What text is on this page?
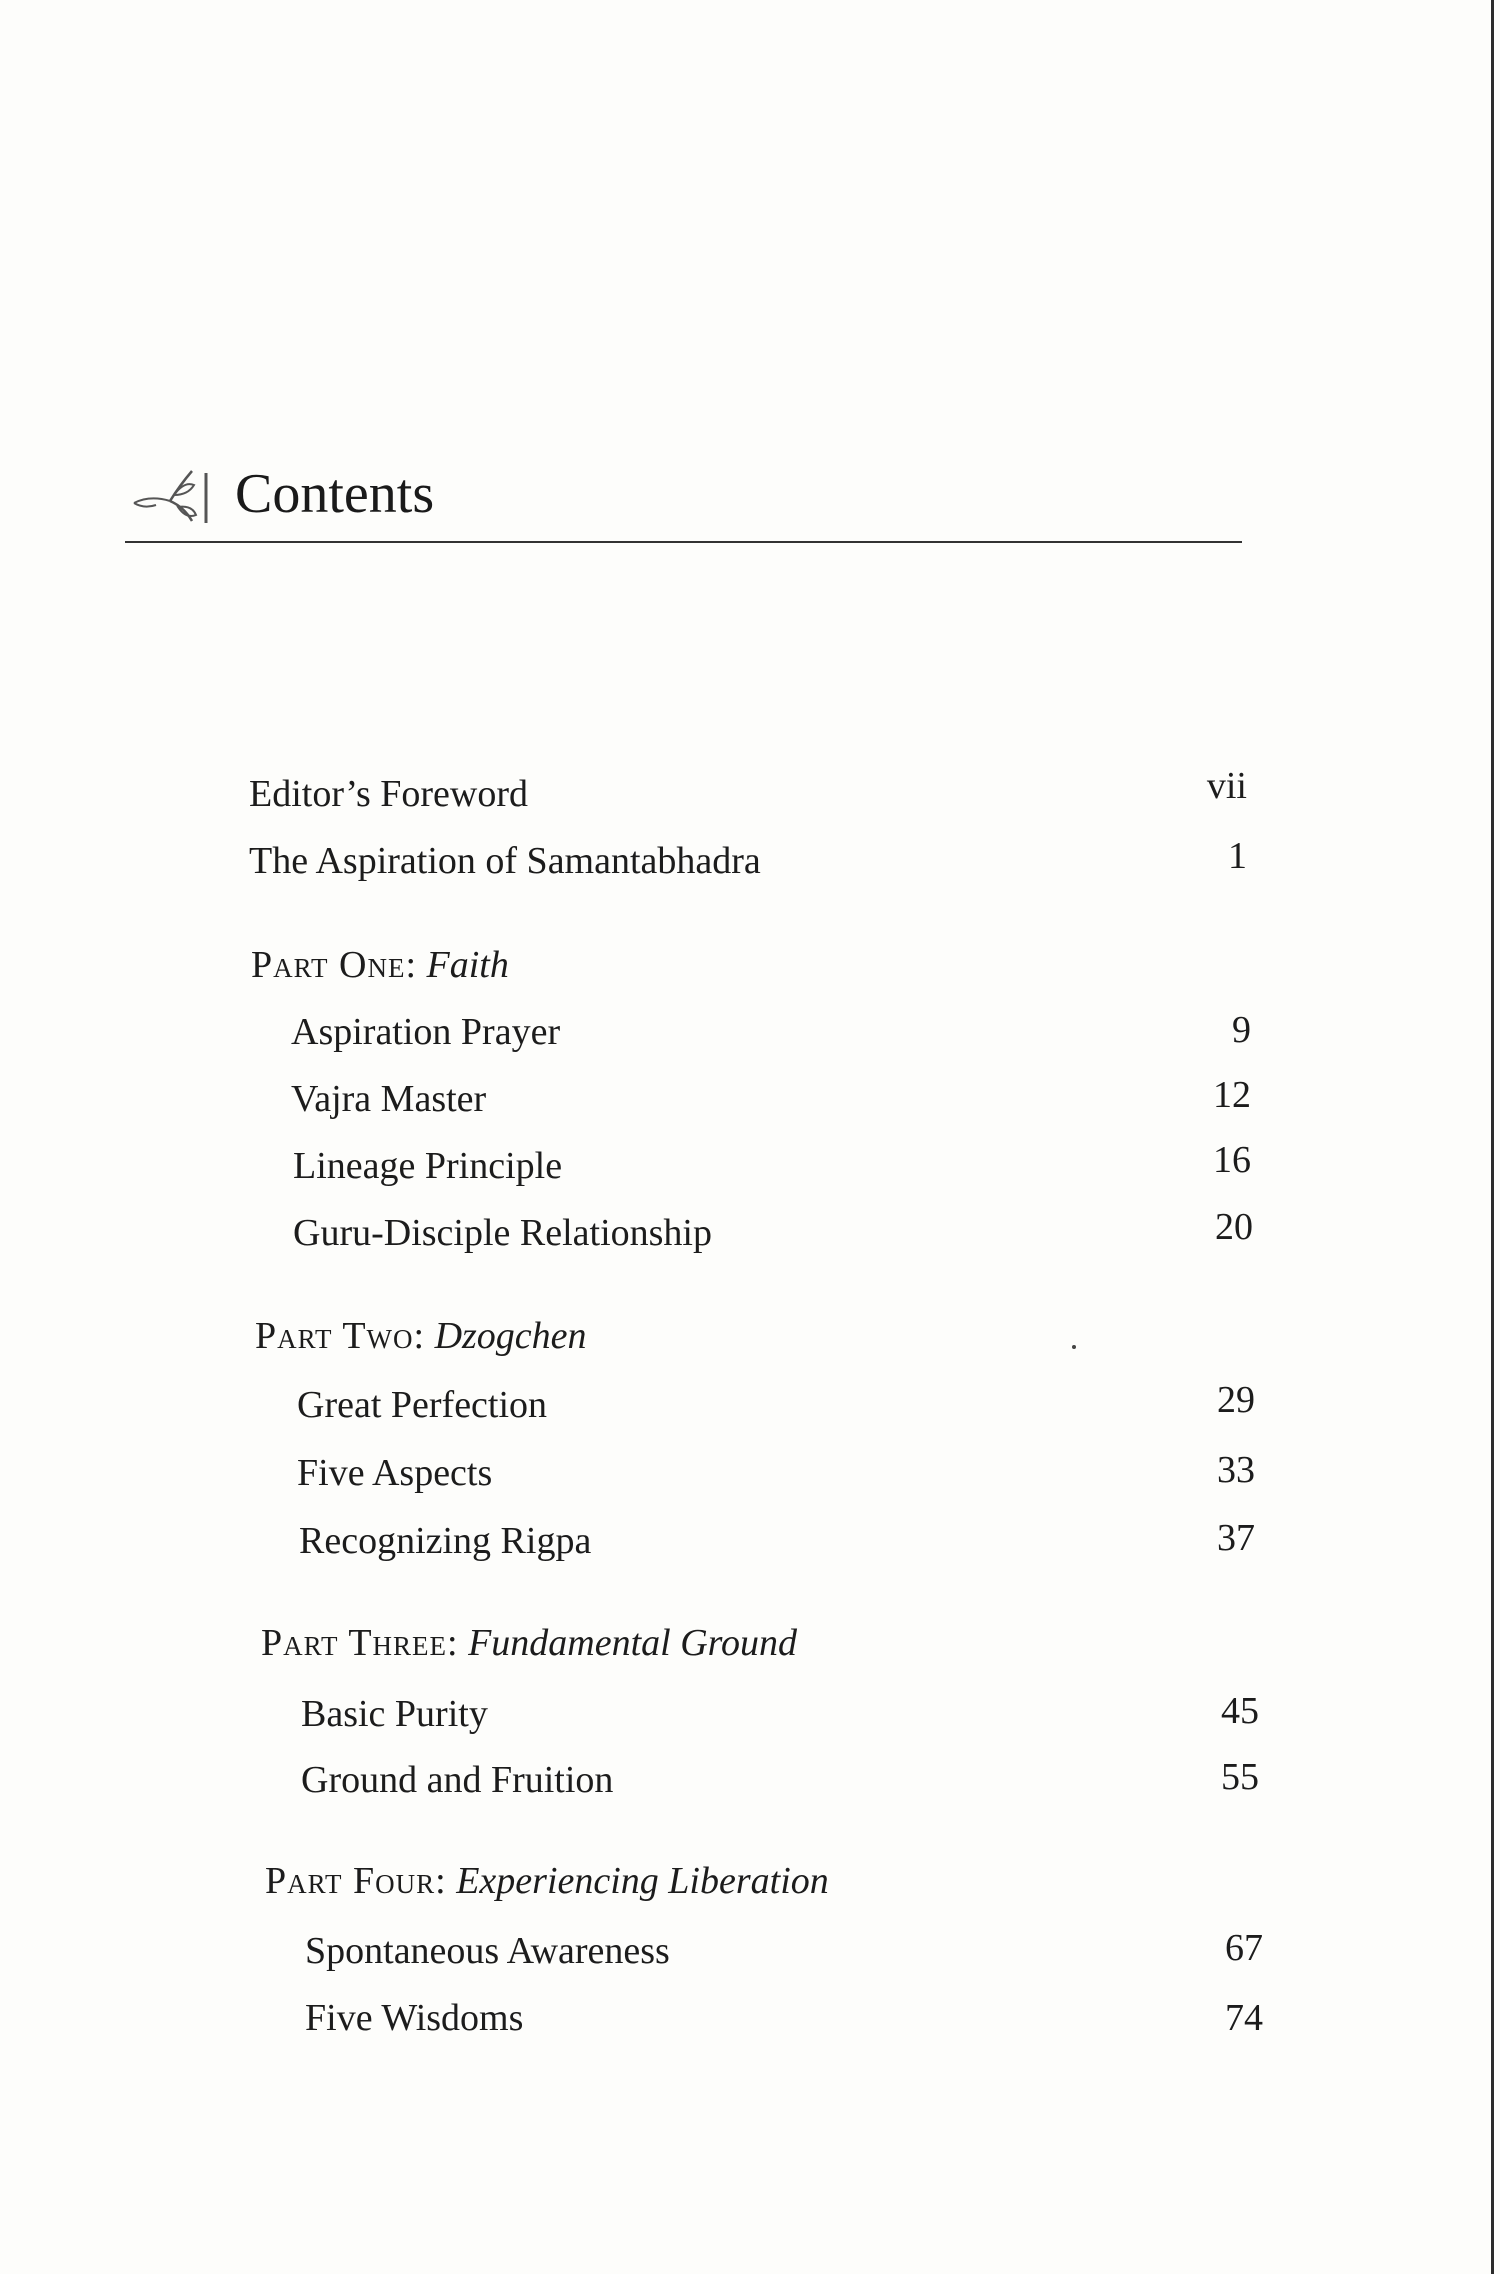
Contents
Editor’s Foreword	vii
The Aspiration of Samantabhadra	1
Part One: Faith
Aspiration Prayer	9
Vajra Master	12
Lineage Principle	16
Guru-Disciple Relationship	20
Part Two: Dzogchen
Great Perfection	29
Five Aspects	33
Recognizing Rigpa	37
Part Three: Fundamental Ground
Basic Purity	45
Ground and Fruition	55
Part Four: Experiencing Liberation
Spontaneous Awareness	67
Five Wisdoms	74
